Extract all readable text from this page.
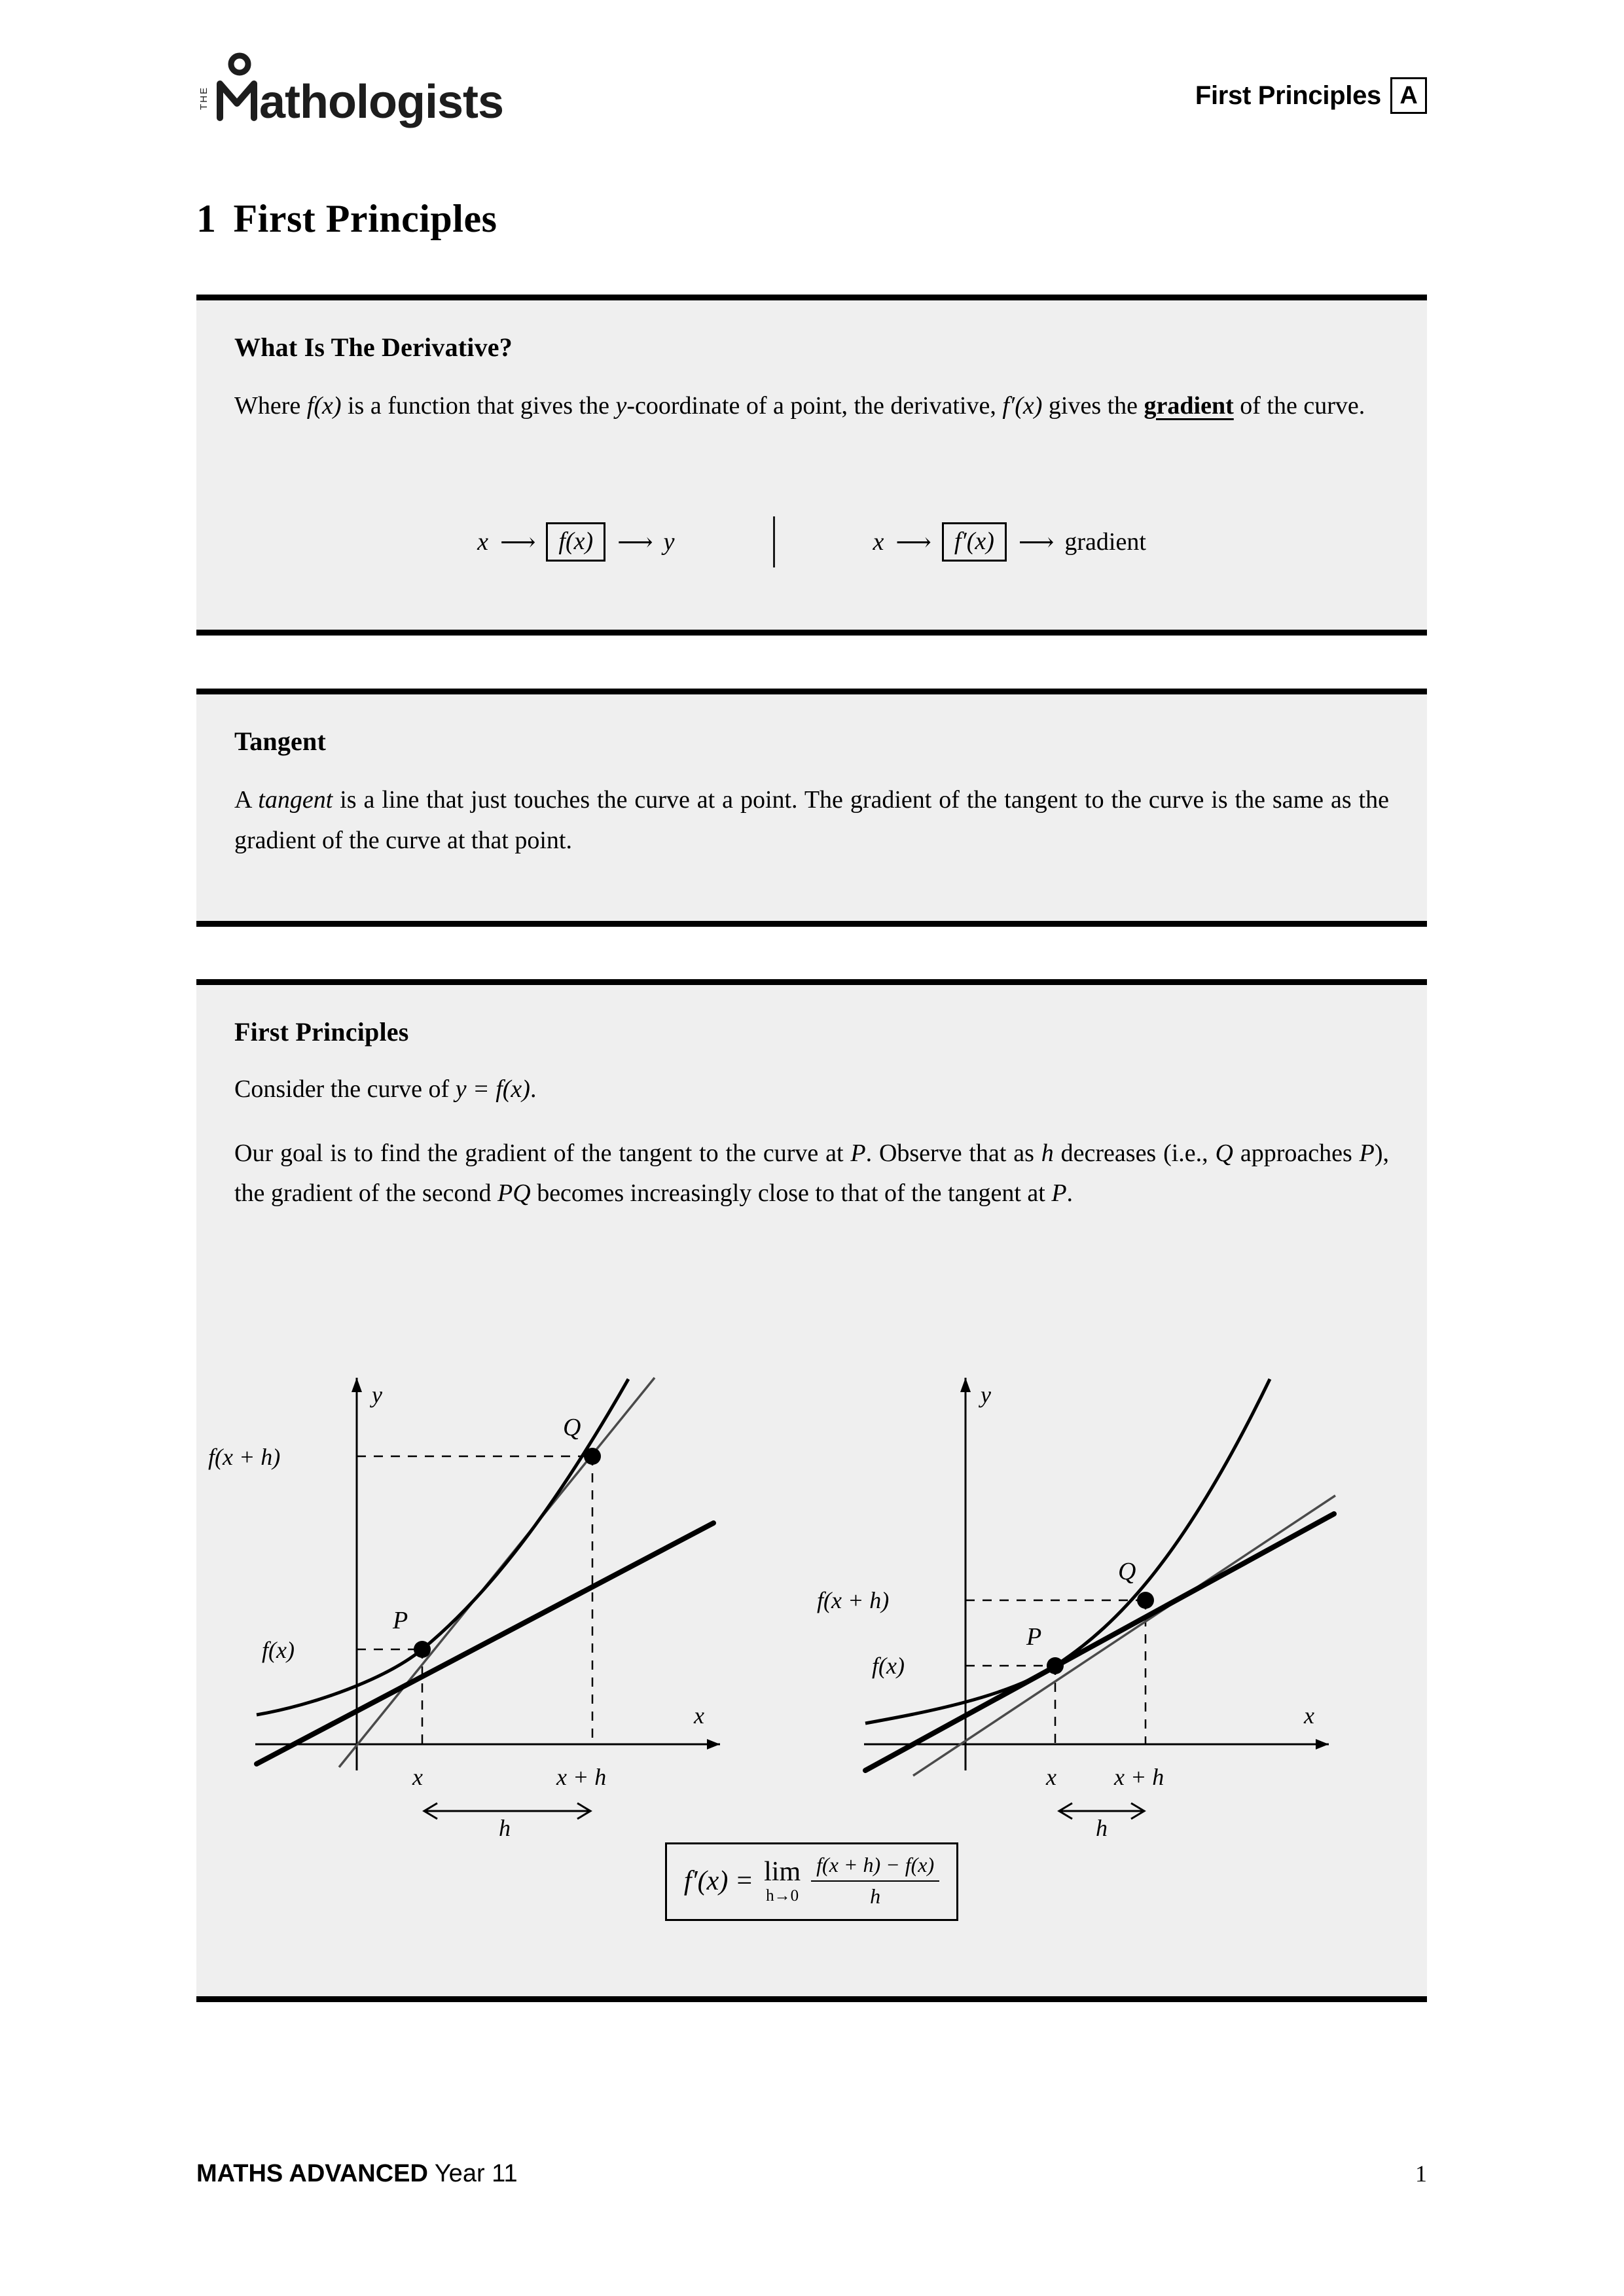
THE athologists	First Principles A
1 First Principles
What Is The Derivative?
Where f(x) is a function that gives the y-coordinate of a point, the derivative, f′(x) gives the gradient of the curve.
x ⟶ f(x) ⟶ y	x ⟶ f′(x) ⟶ gradient
Tangent
A tangent is a line that just touches the curve at a point. The gradient of the tangent to the curve is the same as the gradient of the curve at that point.
First Principles
Consider the curve of y = f(x).
Our goal is to find the gradient of the tangent to the curve at P. Observe that as h decreases (i.e., Q approaches P), the gradient of the second PQ becomes increasingly close to that of the tangent at P.
y
x
P
Q
f(x + h)
f(x)
x	x + h
h
y
x
P
Q
f(x + h)
f(x)
x x + h
h
f′(x) = lim
$h\to 0 \frac{f(x + h) - f(x)}{h}$
MATHS ADVANCED Year 11	1
